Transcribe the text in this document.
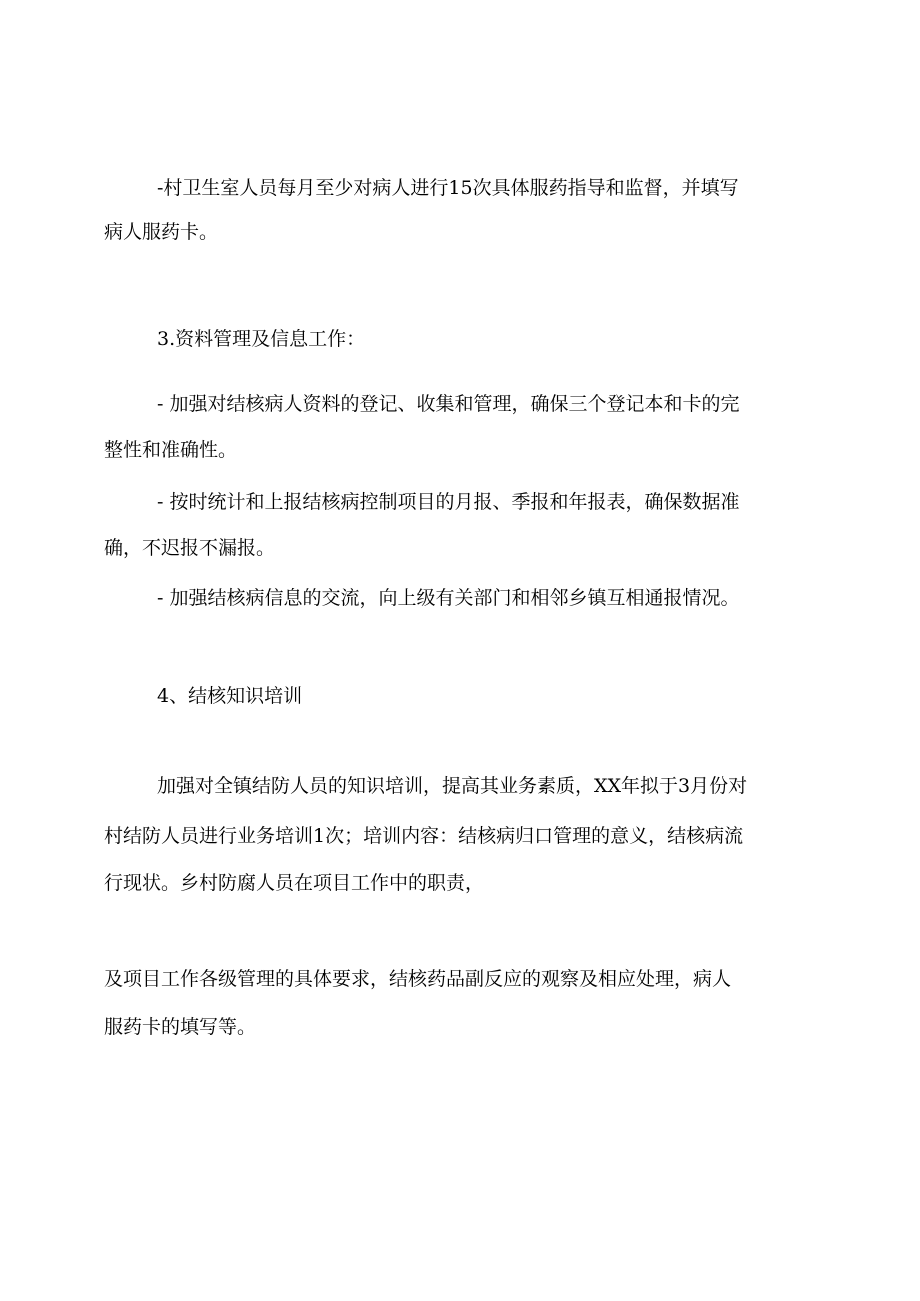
-村卫生室人员每月至少对病人进行15次具体服药指导和监督，并填写
病人服药卡。
3.资料管理及信息工作：
- 加强对结核病人资料的登记、收集和管理，确保三个登记本和卡的完
整性和准确性。
- 按时统计和上报结核病控制项目的月报、季报和年报表，确保数据准
确，不迟报不漏报。
- 加强结核病信息的交流，向上级有关部门和相邻乡镇互相通报情况。
4、结核知识培训
加强对全镇结防人员的知识培训，提高其业务素质，XX年拟于3月份对
村结防人员进行业务培训1次；培训内容：结核病归口管理的意义，结核病流
行现状。乡村防腐人员在项目工作中的职责，
及项目工作各级管理的具体要求，结核药品副反应的观察及相应处理，病人
服药卡的填写等。
